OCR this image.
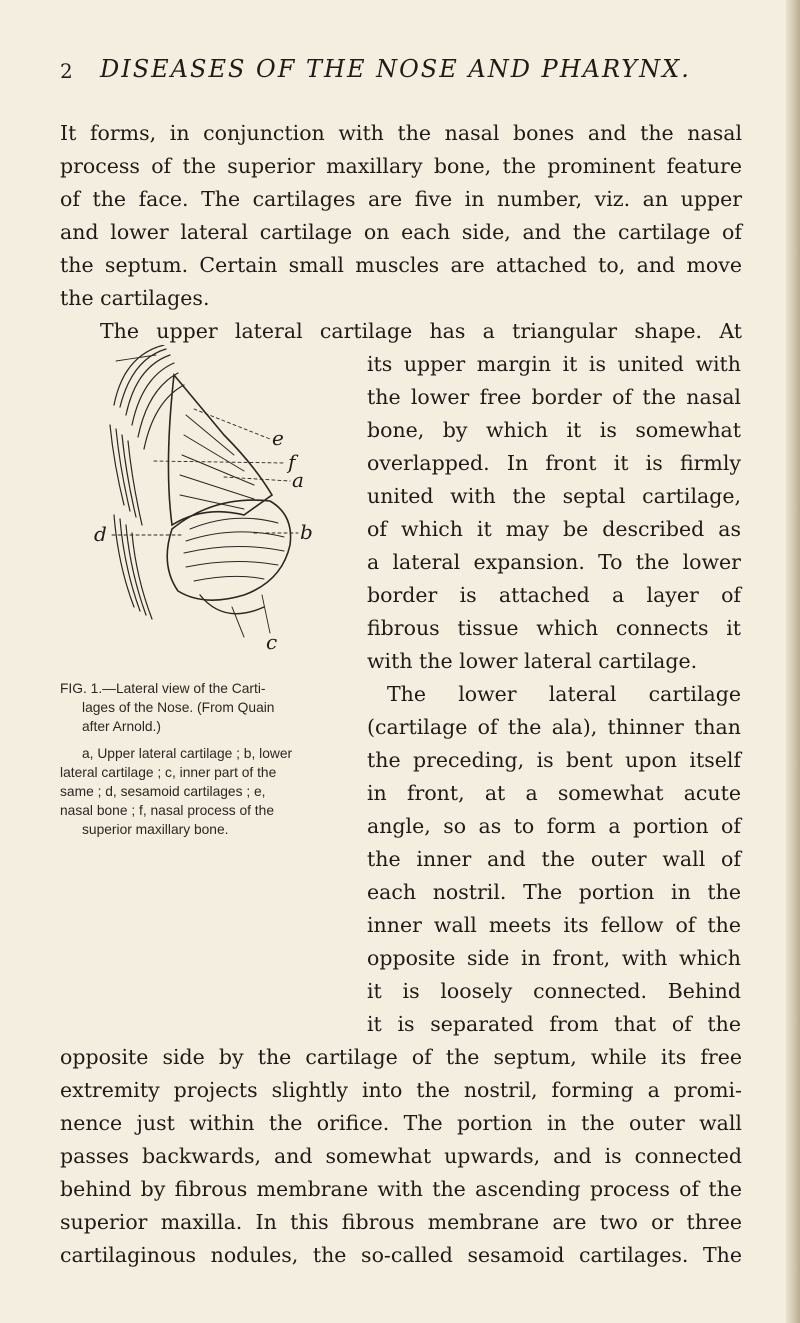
2 DISEASES OF THE NOSE AND PHARYNX.
It forms, in conjunction with the nasal bones and the nasal
process of the superior maxillary bone, the prominent feature
of the face. The cartilages are five in number, viz. an upper
and lower lateral cartilage on each side, and the cartilage of
the septum. Certain small muscles are attached to, and move
the cartilages.
The upper lateral cartilage has a triangular shape. At
its upper margin it is united with
the lower free border of the nasal
bone, by which it is somewhat
overlapped. In front it is firmly
united with the septal cartilage,
of which it may be described as
a lateral expansion. To the lower
border is attached a layer of
fibrous tissue which connects it
with the lower lateral cartilage.
The lower lateral cartilage
(cartilage of the ala), thinner than
the preceding, is bent upon itself
in front, at a somewhat acute
angle, so as to form a portion of
the inner and the outer wall of
each nostril. The portion in the
inner wall meets its fellow of the
opposite side in front, with which
it is loosely connected. Behind
it is separated from that of the
opposite side by the cartilage of the septum, while its free
extremity projects slightly into the nostril, forming a promi-
nence just within the orifice. The portion in the outer wall
passes backwards, and somewhat upwards, and is connected
behind by fibrous membrane with the ascending process of the
superior maxilla. In this fibrous membrane are two or three
cartilaginous nodules, the so-called sesamoid cartilages. The
e
f
a
b
c
d
FIG. 1.—Lateral view of the Carti-
lages of the Nose. (From Quain
after Arnold.)
a, Upper lateral cartilage ; b, lower
lateral cartilage ; c, inner part of the
same ; d, sesamoid cartilages ; e,
nasal bone ; f, nasal process of the
superior maxillary bone.
